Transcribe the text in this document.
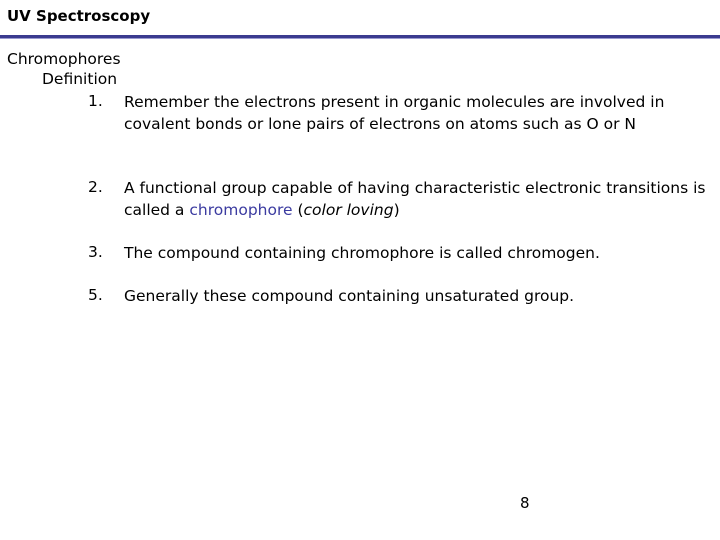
UV Spectroscopy
Chromophores
Definition
1. Remember the electrons present in organic molecules are involved in covalent bonds or lone pairs of electrons on atoms such as O or N
2. A functional group capable of having characteristic electronic transitions is called a chromophore (color loving)
3. The compound containing chromophore is called chromogen.
5. Generally these compound containing unsaturated group.
8
